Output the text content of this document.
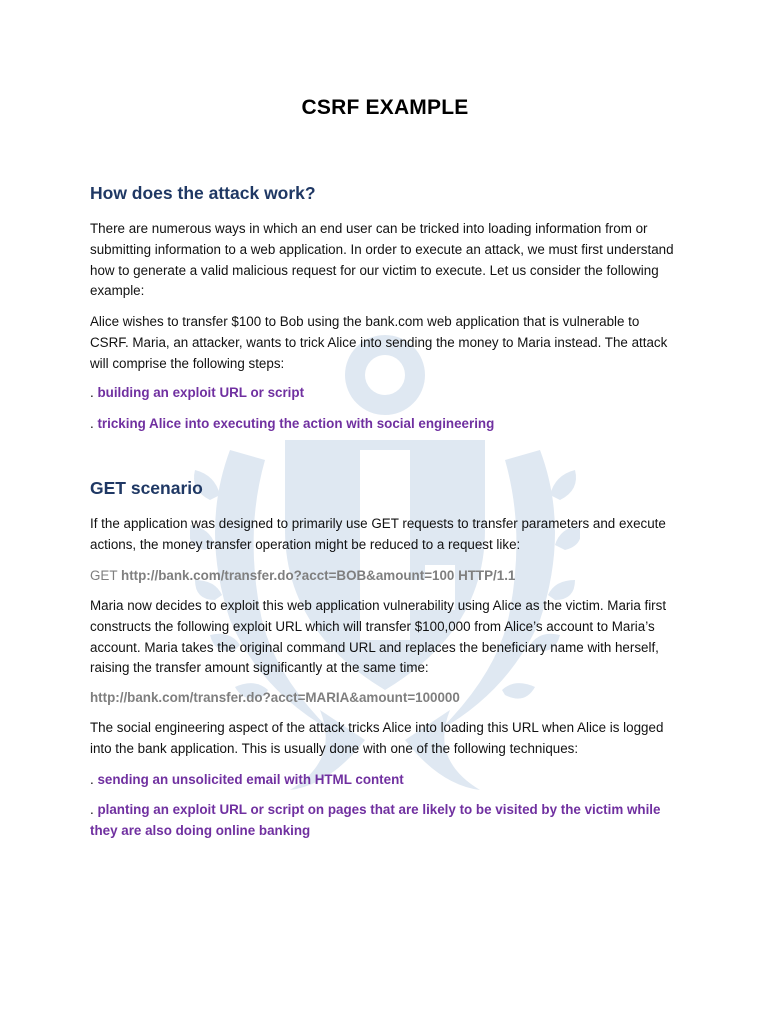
CSRF EXAMPLE
How does the attack work?

There are numerous ways in which an end user can be tricked into loading information from or submitting information to a web application. In order to execute an attack, we must first understand how to generate a valid malicious request for our victim to execute. Let us consider the following example:

Alice wishes to transfer $100 to Bob using the bank.com web application that is vulnerable to CSRF. Maria, an attacker, wants to trick Alice into sending the money to Maria instead. The attack will comprise the following steps:

. building an exploit URL or script

. tricking Alice into executing the action with social engineering

GET scenario

If the application was designed to primarily use GET requests to transfer parameters and execute actions, the money transfer operation might be reduced to a request like:

GET http://bank.com/transfer.do?acct=BOB&amount=100 HTTP/1.1

Maria now decides to exploit this web application vulnerability using Alice as the victim. Maria first constructs the following exploit URL which will transfer $100,000 from Alice’s account to Maria’s account. Maria takes the original command URL and replaces the beneficiary name with herself, raising the transfer amount significantly at the same time:

http://bank.com/transfer.do?acct=MARIA&amount=100000

The social engineering aspect of the attack tricks Alice into loading this URL when Alice is logged into the bank application. This is usually done with one of the following techniques:

. sending an unsolicited email with HTML content

. planting an exploit URL or script on pages that are likely to be visited by the victim while they are also doing online banking
